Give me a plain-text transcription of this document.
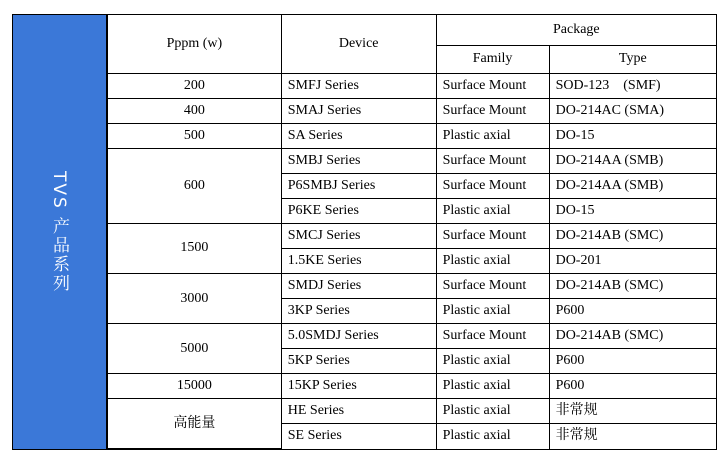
TVS 产品系列
Pppm (w)	Device	Package	
		Family	Type
200	SMFJ Series	Surface Mount	SOD-123　(SMF)
400	SMAJ Series	Surface Mount	DO-214AC (SMA)
500	SA Series	Plastic axial	DO-15
600	SMBJ Series	Surface Mount	DO-214AA (SMB)
	P6SMBJ Series	Surface Mount	DO-214AA (SMB)
	P6KE Series	Plastic axial	DO-15
1500	SMCJ Series	Surface Mount	DO-214AB (SMC)
	1.5KE Series	Plastic axial	DO-201
3000	SMDJ Series	Surface Mount	DO-214AB (SMC)
	3KP Series	Plastic axial	P600
5000	5.0SMDJ Series	Surface Mount	DO-214AB (SMC)
	5KP Series	Plastic axial	P600
15000	15KP Series	Plastic axial	P600
高能量	HE Series	Plastic axial	非常规
	SE Series	Plastic axial	非常规
